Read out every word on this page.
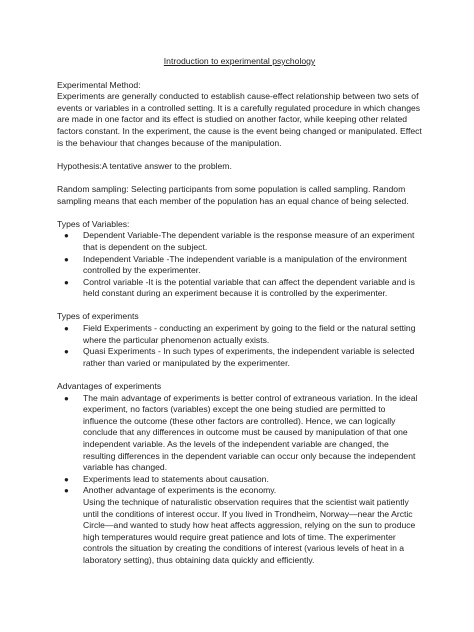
Introduction to experimental psychology
Experimental Method:

Experiments are generally conducted to establish cause-effect relationship between two sets of events or variables in a controlled setting. It is a carefully regulated procedure in which changes are made in one factor and its effect is studied on another factor, while keeping other related factors constant. In the experiment, the cause is the event being changed or manipulated. Effect is the behaviour that changes because of the manipulation.

Hypothesis:A tentative answer to the problem.

Random sampling: Selecting participants from some population is called sampling. Random sampling means that each member of the population has an equal chance of being selected.

Types of Variables:
● Dependent Variable-The dependent variable is the response measure of an experiment that is dependent on the subject.
● Independent Variable -The independent variable is a manipulation of the environment controlled by the experimenter.
● Control variable -It is the potential variable that can affect the dependent variable and is held constant during an experiment because it is controlled by the experimenter.
Types of experiments
● Field Experiments - conducting an experiment by going to the field or the natural setting where the particular phenomenon actually exists.
● Quasi Experiments - In such types of experiments, the independent variable is selected rather than varied or manipulated by the experimenter.
Advantages of experiments
● The main advantage of experiments is better control of extraneous variation. In the ideal experiment, no factors (variables) except the one being studied are permitted to influence the outcome (these other factors are controlled). Hence, we can logically conclude that any differences in outcome must be caused by manipulation of that one independent variable. As the levels of the independent variable are changed, the resulting differences in the dependent variable can occur only because the independent variable has changed.
● Experiments lead to statements about causation.
● Another advantage of experiments is the economy.
Using the technique of naturalistic observation requires that the scientist wait patiently until the conditions of interest occur. If you lived in Trondheim, Norway—near the Arctic Circle—and wanted to study how heat affects aggression, relying on the sun to produce high temperatures would require great patience and lots of time. The experimenter controls the situation by creating the conditions of interest (various levels of heat in a laboratory setting), thus obtaining data quickly and efficiently.
